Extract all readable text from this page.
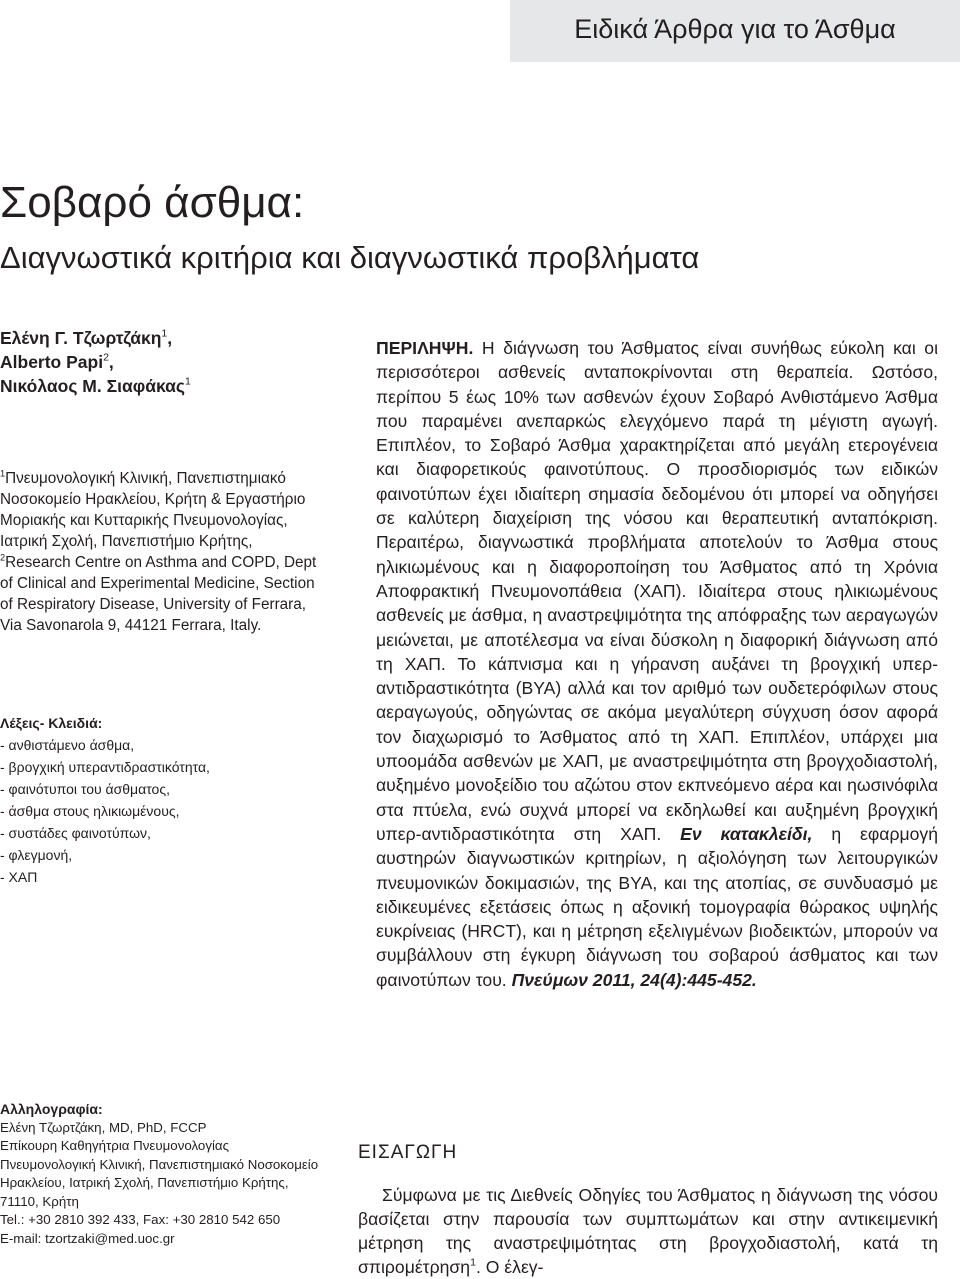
Ειδικά Άρθρα για το Άσθμα
Σοβαρό άσθμα:
Διαγνωστικά κριτήρια και διαγνωστικά προβλήματα
Ελένη Γ. Τζωρτζάκη$^1$,
Alberto Papi$^2$,
Νικόλαος Μ. Σιαφάκας$^1$
$^1$Πνευμονολογική Κλινική, Πανεπιστημιακό
Νοσοκομείο Ηρακλείου, Κρήτη & Εργαστήριο
Μοριακής και Κυτταρικής Πνευμονολογίας,
Ιατρική Σχολή, Πανεπιστήμιο Κρήτης,
$^2$Research Centre on Asthma and COPD, Dept
of Clinical and Experimental Medicine, Section
of Respiratory Disease, University of Ferrara,
Via Savonarola 9, 44121 Ferrara, Italy.
Λέξεις- Κλειδιά:
- ανθιστάμενο άσθμα,
- βρογχική υπεραντιδραστικότητα,
- φαινότυποι του άσθματος,
- άσθμα στους ηλικιωμένους,
- συστάδες φαινοτύπων,
- φλεγμονή,
- ΧΑΠ
Αλληλογραφία:
Ελένη Τζωρτζάκη, MD, PhD, FCCP
Επίκουρη Καθηγήτρια Πνευμονολογίας
Πνευμονολογική Κλινική, Πανεπιστημιακό Νοσοκομείο
Ηρακλείου, Ιατρική Σχολή, Πανεπιστήμιο Κρήτης,
71110, Κρήτη
Tel.: +30 2810 392 433, Fax: +30 2810 542 650
E-mail: tzortzaki@med.uoc.gr

ΠΕΡΙΛΗΨΗ. Η διάγνωση του Άσθματος είναι συνήθως εύκολη και οι περισσότεροι ασθενείς ανταποκρίνονται στη θεραπεία. Ωστόσο, περίπου 5 έως 10% των ασθενών έχουν Σοβαρό Ανθιστάμενο Άσθμα που παραμένει ανεπαρκώς ελεγχόμενο παρά τη μέγιστη αγωγή. Επιπλέον, το Σοβαρό Άσθμα χαρακτηρίζεται από μεγάλη ετερογένεια και διαφορετικούς φαινοτύπους. Ο προσδιορισμός των ειδικών φαινοτύπων έχει ιδιαίτερη σημασία δεδομένου ότι μπορεί να οδηγήσει σε καλύτερη διαχείριση της νόσου και θεραπευτική ανταπόκριση. Περαιτέρω, διαγνωστικά προβλήματα αποτελούν το Άσθμα στους ηλικιωμένους και η διαφοροποίηση του Άσθματος από τη Χρόνια Αποφρακτική Πνευμονοπάθεια (ΧΑΠ). Ιδιαίτερα στους ηλικιωμένους ασθενείς με άσθμα, η αναστρεψιμότητα της απόφραξης των αεραγωγών μειώνεται, με αποτέλεσμα να είναι δύσκολη η διαφορική διάγνωση από τη ΧΑΠ. Το κάπνισμα και η γήρανση αυξάνει τη βρογχική υπερ-αντιδραστικότητα (ΒΥΑ) αλλά και τον αριθμό των ουδετερόφιλων στους αεραγωγούς, οδηγώντας σε ακόμα μεγαλύτερη σύγχυση όσον αφορά τον διαχωρισμό το Άσθματος από τη ΧΑΠ. Επιπλέον, υπάρχει μια υποομάδα ασθενών με ΧΑΠ, με αναστρεψιμότητα στη βρογχοδιαστολή, αυξημένο μονοξείδιο του αζώτου στον εκπνεόμενο αέρα και ηωσινόφιλα στα πτύελα, ενώ συχνά μπορεί να εκδηλωθεί και αυξημένη βρογχική υπερ-αντιδραστικότητα στη ΧΑΠ. Εν κατακλείδι, η εφαρμογή αυστηρών διαγνωστικών κριτηρίων, η αξιολόγηση των λειτουργικών πνευμονικών δοκιμασιών, της ΒΥΑ, και της ατοπίας, σε συνδυασμό με ειδικευμένες εξετάσεις όπως η αξονική τομογραφία θώρακος υψηλής ευκρίνειας (HRCT), και η μέτρηση εξελιγμένων βιοδεικτών, μπορούν να συμβάλλουν στη έγκυρη διάγνωση του σοβαρού άσθματος και των φαινοτύπων του. Πνεύμων 2011, 24(4):445-452.

ΕΙΣΑΓΩΓΗ

Σύμφωνα με τις Διεθνείς Οδηγίες του Άσθματος η διάγνωση της νόσου βασίζεται στην παρουσία των συμπτωμάτων και στην αντικειμενική μέτρηση της αναστρεψιμότητας στη βρογχοδιαστολή, κατά τη σπιρομέτρηση$^1$. Ο έλεγ-
